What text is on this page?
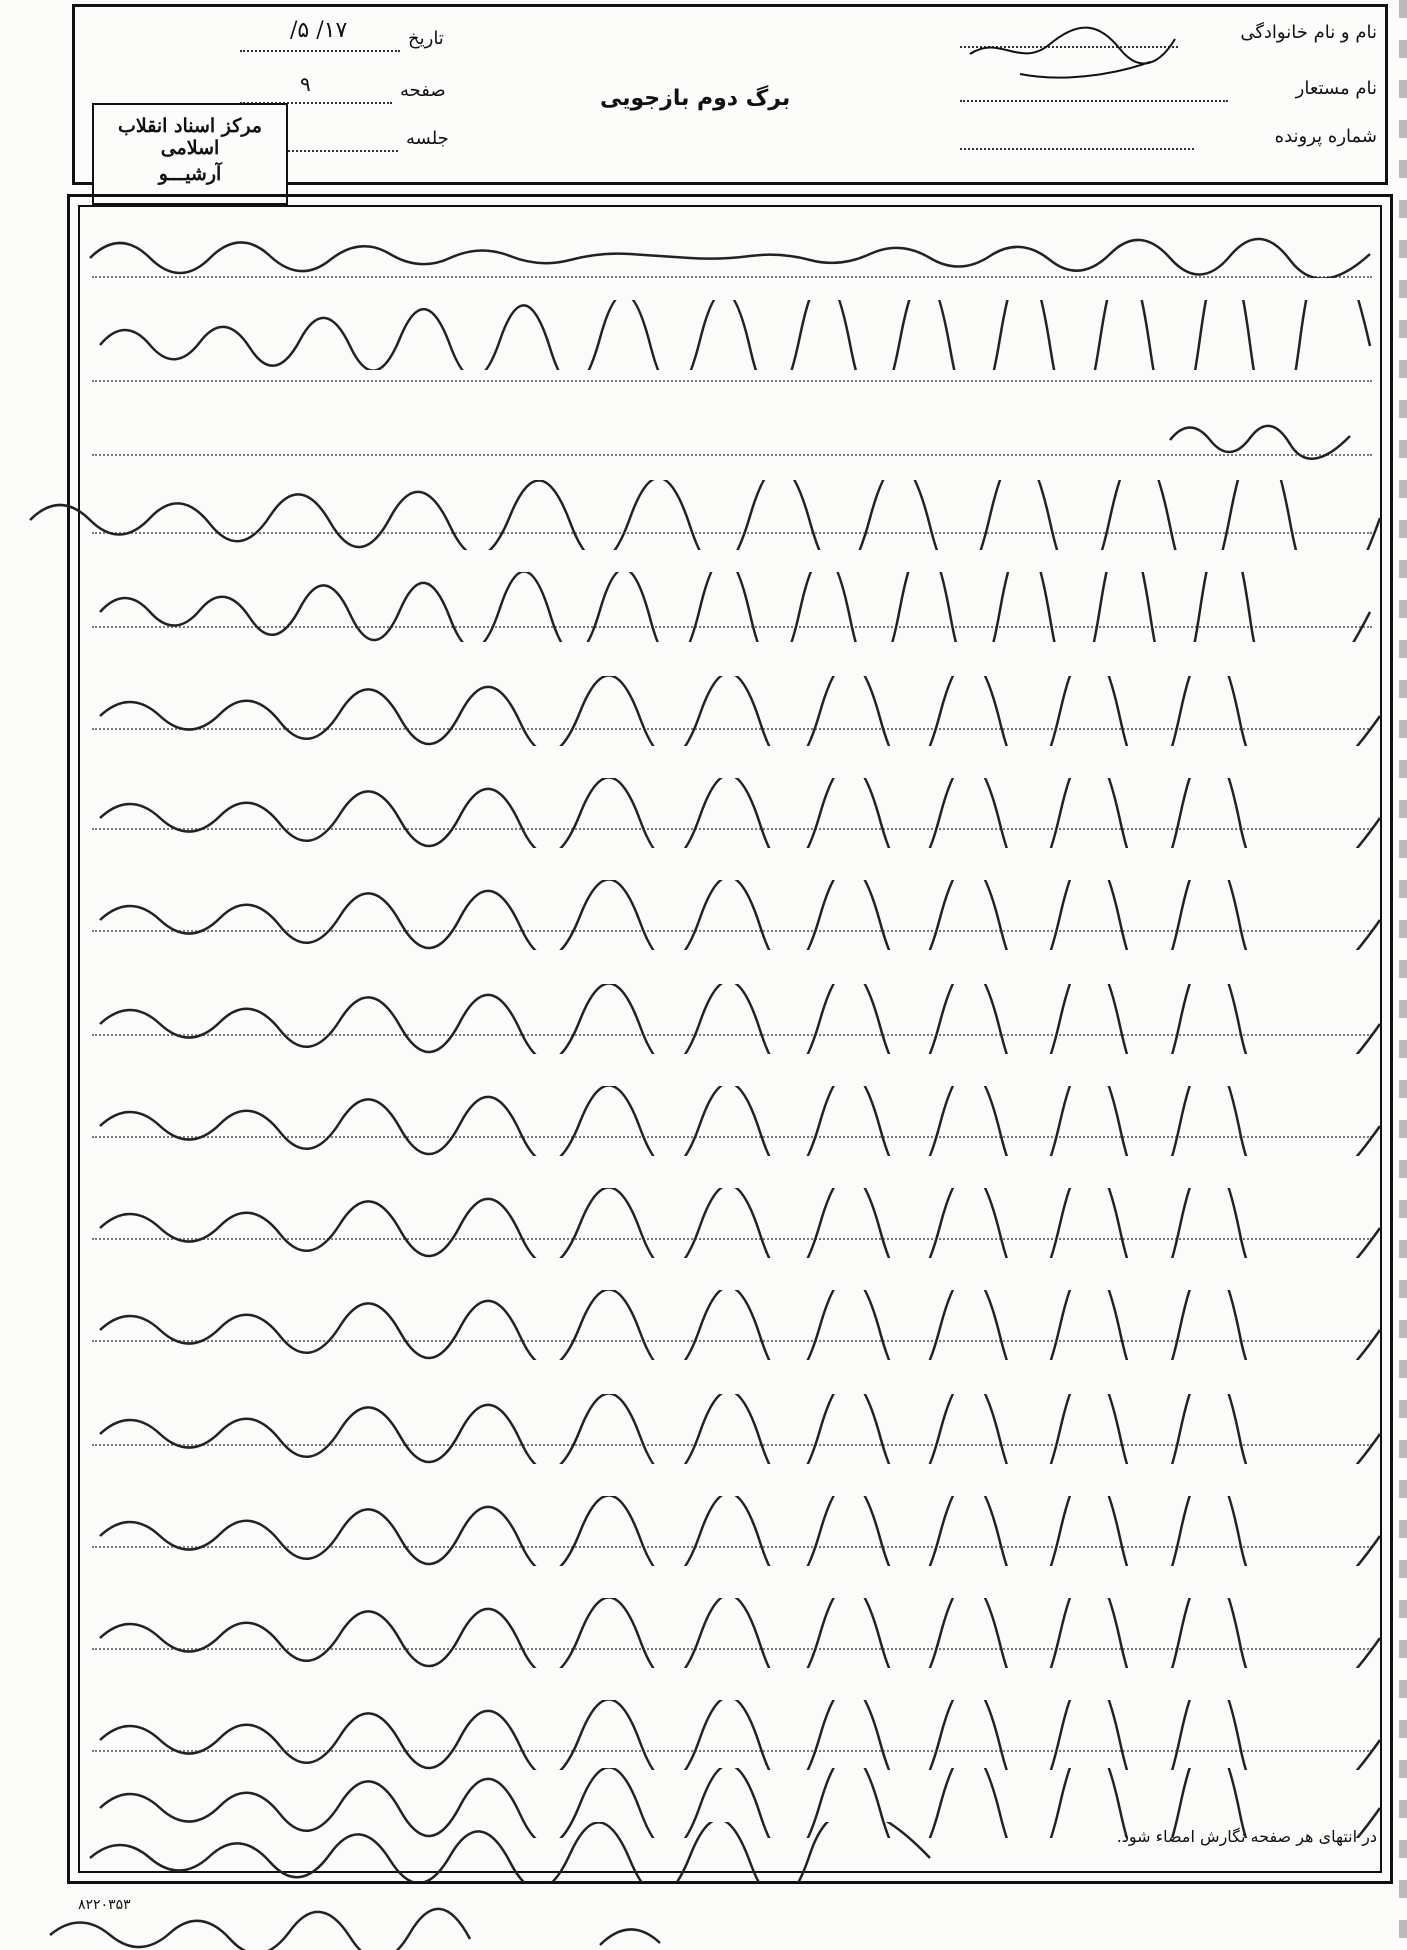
نام و نام خانوادگی
نام مستعار
شماره پرونده
تاریخ
۱۷/ ۵/
صفحه
۹
جلسه
برگ دوم بازجویی
مرکز اسناد انقلاب اسلامی
آرشیـــو
در انتهای هر صفحه نگارش امضاء شود.
۸۲۲۰۳۵۳
